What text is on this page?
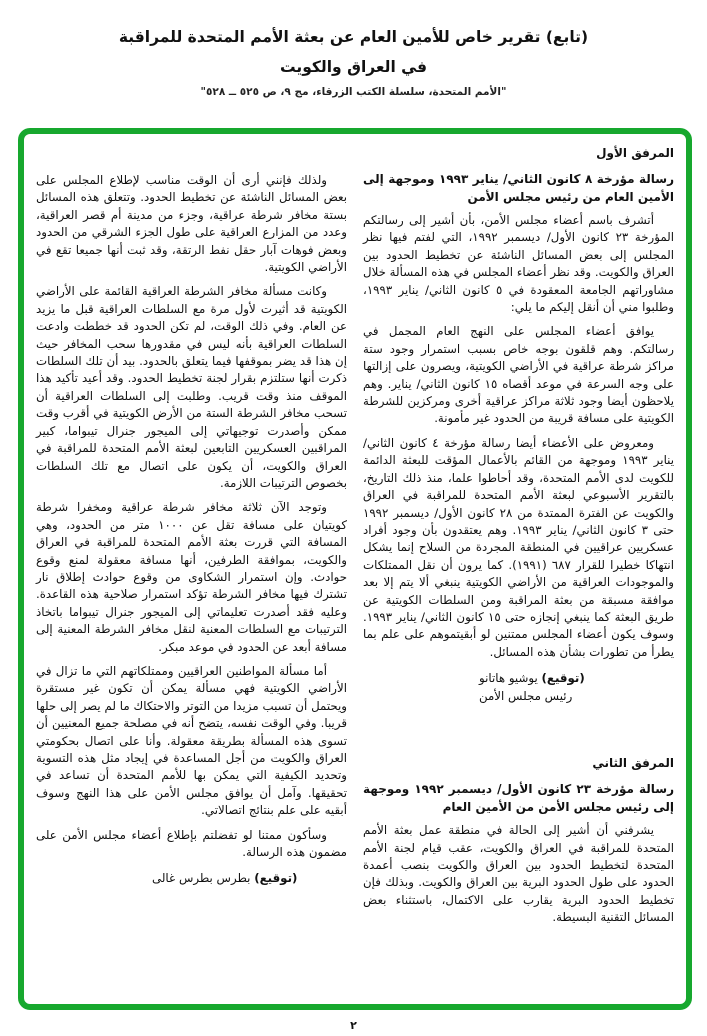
(تابع) تقرير خاص للأمين العام عن بعثة الأمم المتحدة للمراقبة
في العراق والكويت
"الأمم المتحدة، سلسلة الكتب الزرقاء، مج ٩، ص ٥٢٥ ــ ٥٢٨"

المرفق الأول

رسالة مؤرخة ٨ كانون الثاني/ يناير ١٩٩٣ وموجهة إلى الأمين العام من رئيس مجلس الأمن

أتشرف باسم أعضاء مجلس الأمن، بأن أشير إلى رسالتكم المؤرخة ٢٣ كانون الأول/ ديسمبر ١٩٩٢، التي لفتم فيها نظر المجلس إلى بعض المسائل الناشئة عن تخطيط الحدود بين العراق والكويت. وقد نظر أعضاء المجلس في هذه المسألة خلال مشاوراتهم الجامعة المعقودة في ٥ كانون الثاني/ يناير ١٩٩٣، وطلبوا مني أن أنقل إليكم ما يلي:

يوافق أعضاء المجلس على النهج العام المجمل في رسالتكم. وهم قلقون بوجه خاص بسبب استمرار وجود ستة مراكز شرطة عراقية في الأراضي الكويتية، ويصرون على إزالتها على وجه السرعة في موعد أقصاه ١٥ كانون الثاني/ يناير. وهم يلاحظون أيضا وجود ثلاثة مراكز عراقية أخرى ومركزين للشرطة الكويتية على مسافة قريبة من الحدود غير مأمونة.

ومعروض على الأعضاء أيضا رسالة مؤرخة ٤ كانون الثاني/ يناير ١٩٩٣ وموجهة من القائم بالأعمال المؤقت للبعثة الدائمة للكويت لدى الأمم المتحدة، وقد أحاطوا علما، منذ ذلك التاريخ، بالتقرير الأسبوعي لبعثة الأمم المتحدة للمراقبة في العراق والكويت عن الفترة الممتدة من ٢٨ كانون الأول/ ديسمبر ١٩٩٢ حتى ٣ كانون الثاني/ يناير ١٩٩٣. وهم يعتقدون بأن وجود أفراد عسكريين عراقيين في المنطقة المجردة من السلاح إنما يشكل انتهاكا خطيرا للقرار ٦٨٧ (١٩٩١). كما يرون أن نقل الممتلكات والموجودات العراقية من الأراضي الكويتية ينبغي ألا يتم إلا بعد موافقة مسبقة من بعثة المراقبة ومن السلطات الكويتية عن طريق البعثة كما ينبغي إنجازه حتى ١٥ كانون الثاني/ يناير ١٩٩٣. وسوف يكون أعضاء المجلس ممتنين لو أبقيتموهم على علم بما يطرأ من تطورات بشأن هذه المسائل.

(توقيع) يوشيو هاتانو
رئيس مجلس الأمن

المرفق الثاني

رسالة مؤرخة ٢٣ كانون الأول/ ديسمبر ١٩٩٢ وموجهة إلى رئيس مجلس الأمن من الأمين العام

يشرفني أن أشير إلى الحالة في منطقة عمل بعثة الأمم المتحدة للمراقبة في العراق والكويت، عقب قيام لجنة الأمم المتحدة لتخطيط الحدود بين العراق والكويت بنصب أعمدة الحدود على طول الحدود البرية بين العراق والكويت. وبذلك فإن تخطيط الحدود البرية يقارب على الاكتمال، باستثناء بعض المسائل التقنية البسيطة.

ولذلك فإنني أرى أن الوقت مناسب لإطلاع المجلس على بعض المسائل الناشئة عن تخطيط الحدود. وتتعلق هذه المسائل بستة مخافر شرطة عراقية، وجزء من مدينة أم قصر العراقية، وعدد من المزارع العراقية على طول الجزء الشرقي من الحدود وبعض فوهات آبار حقل نفط الرتقة، وقد ثبت أنها جميعا تقع في الأراضي الكويتية.

وكانت مسألة مخافر الشرطة العراقية القائمة على الأراضي الكويتية قد أثيرت لأول مرة مع السلطات العراقية قبل ما يزيد عن العام. وفي ذلك الوقت، لم تكن الحدود قد خططت وادعت السلطات العراقية بأنه ليس في مقدورها سحب المخافر حيث إن هذا قد يضر بموقفها فيما يتعلق بالحدود. بيد أن تلك السلطات ذكرت أنها ستلتزم بقرار لجنة تخطيط الحدود. وقد أعيد تأكيد هذا الموقف منذ وقت قريب. وطلبت إلى السلطات العراقية أن تسحب مخافر الشرطة الستة من الأرض الكويتية في أقرب وقت ممكن وأصدرت توجيهاتي إلى الميجور جنرال تيبواما، كبير المراقبين العسكريين التابعين لبعثة الأمم المتحدة للمراقبة في العراق والكويت، أن يكون على اتصال مع تلك السلطات بخصوص الترتيبات اللازمة.

وتوجد الآن ثلاثة مخافر شرطة عراقية ومخفرا شرطة كويتيان على مسافة تقل عن ١٠٠٠ متر من الحدود، وهي المسافة التي قررت بعثة الأمم المتحدة للمراقبة في العراق والكويت، بموافقة الطرفين، أنها مسافة معقولة لمنع وقوع حوادث. وإن استمرار الشكاوى من وقوع حوادث إطلاق نار تشترك فيها مخافر الشرطة تؤكد استمرار صلاحية هذه القاعدة. وعليه فقد أصدرت تعليماتي إلى الميجور جنرال تيبواما باتخاذ الترتيبات مع السلطات المعنية لنقل مخافر الشرطة المعنية إلى مسافة أبعد عن الحدود في موعد مبكر.

أما مسألة المواطنين العراقيين وممتلكاتهم التي ما تزال في الأراضي الكويتية فهي مسألة يمكن أن تكون غير مستقرة ويحتمل أن تسبب مزيدا من التوتر والاحتكاك ما لم يصر إلى حلها قريبا. وفي الوقت نفسه، يتضح أنه في مصلحة جميع المعنيين أن تسوى هذه المسألة بطريقة معقولة. وأنا على اتصال بحكومتي العراق والكويت من أجل المساعدة في إيجاد مثل هذه التسوية وتحديد الكيفية التي يمكن بها للأمم المتحدة أن تساعد في تحقيقها. وآمل أن يوافق مجلس الأمن على هذا النهج وسوف أبقيه على علم بنتائج اتصالاتي.

وسأكون ممتنا لو تفضلتم بإطلاع أعضاء مجلس الأمن على مضمون هذه الرسالة.

(توقيع) بطرس بطرس غالى
٢
